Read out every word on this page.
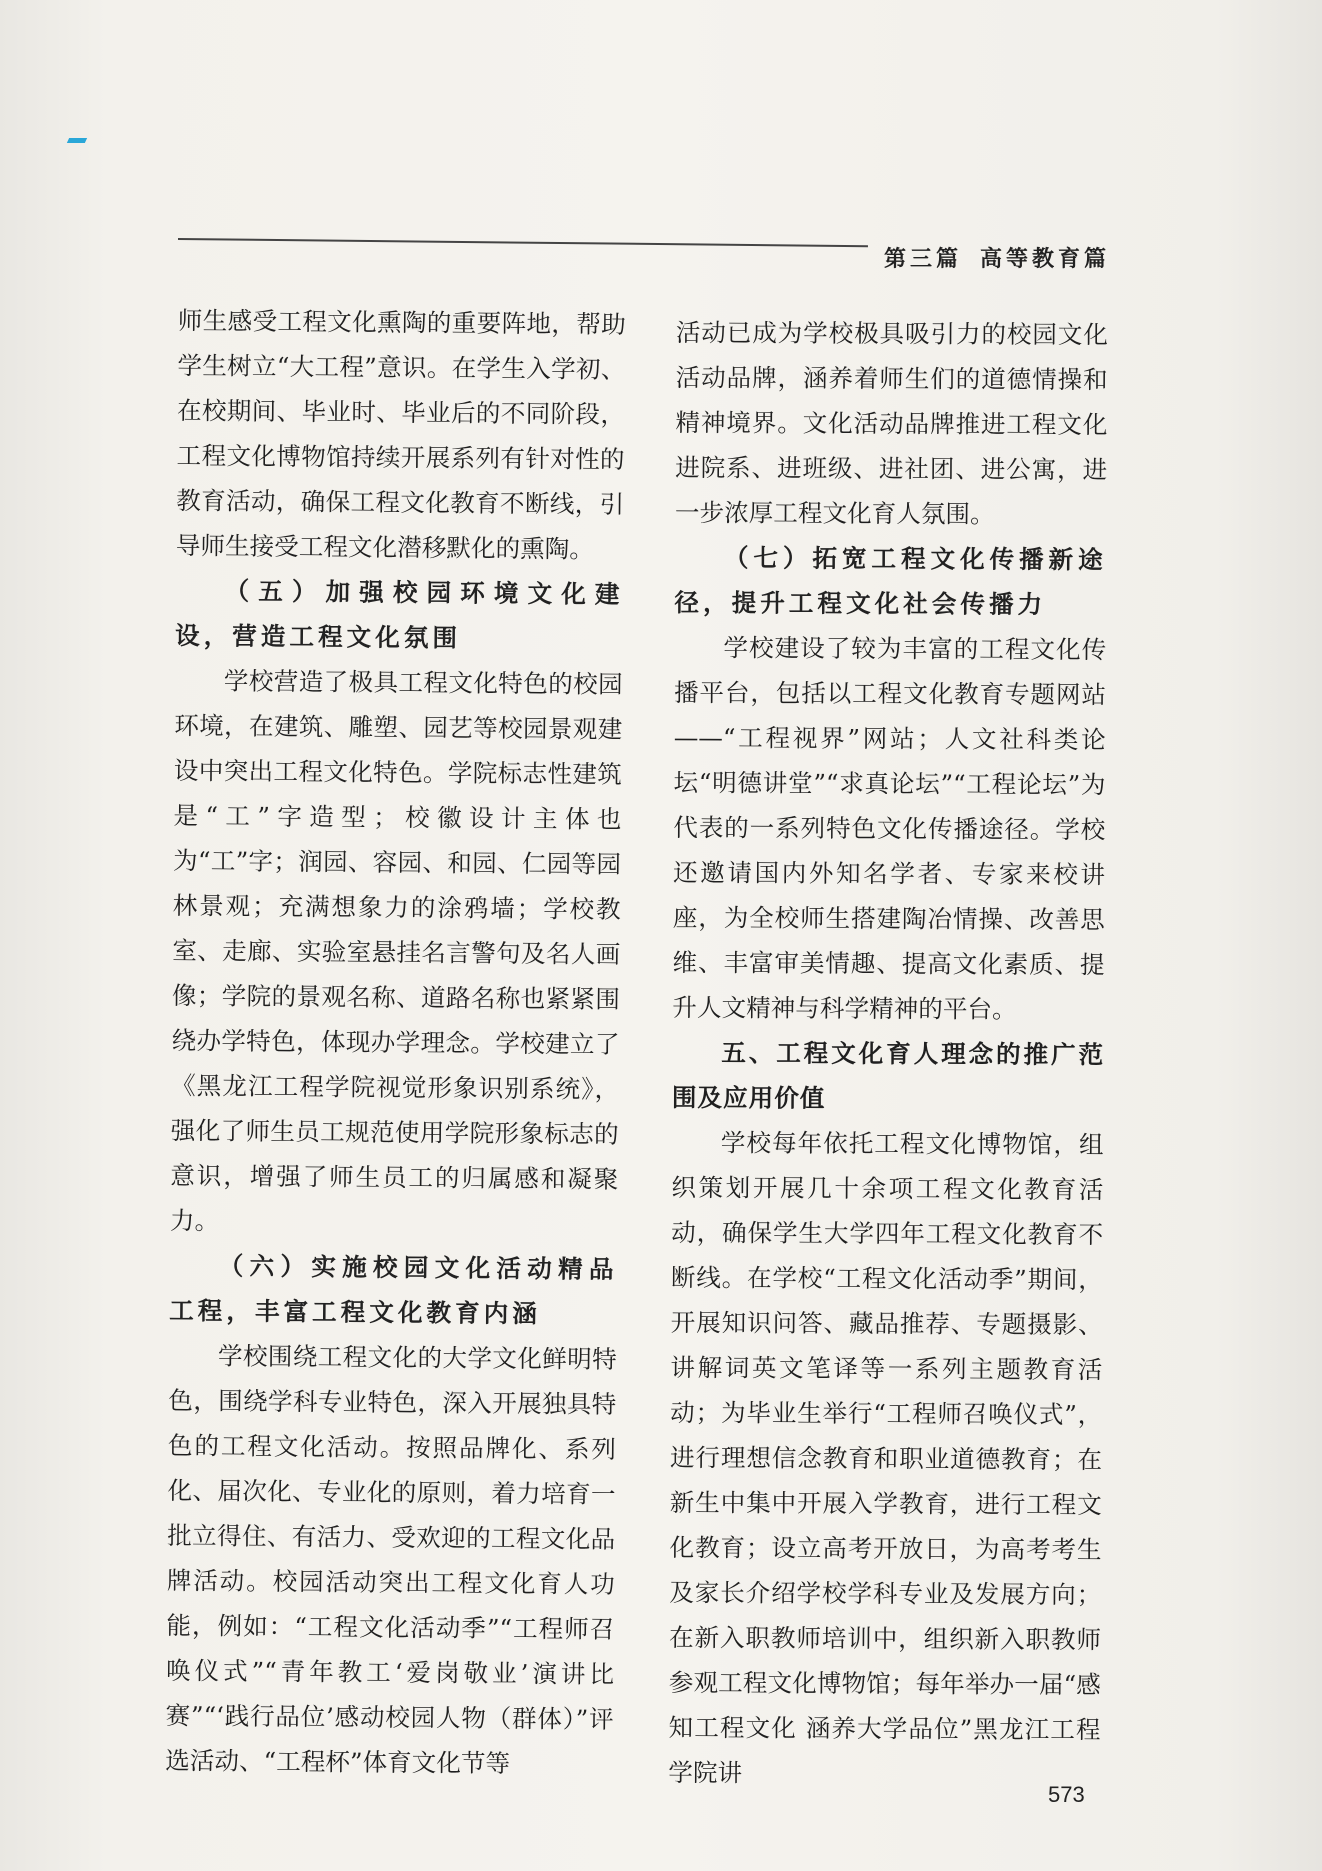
第三篇 高等教育篇

师生感受工程文化熏陶的重要阵地，帮助学生树立“大工程”意识。在学生入学初、在校期间、毕业时、毕业后的不同阶段，工程文化博物馆持续开展系列有针对性的教育活动，确保工程文化教育不断线，引导师生接受工程文化潜移默化的熏陶。

（五）加强校园环境文化建设，营造工程文化氛围

学校营造了极具工程文化特色的校园环境，在建筑、雕塑、园艺等校园景观建设中突出工程文化特色。学院标志性建筑是“工”字造型；校徽设计主体也为“工”字；润园、容园、和园、仁园等园林景观；充满想象力的涂鸦墙；学校教室、走廊、实验室悬挂名言警句及名人画像；学院的景观名称、道路名称也紧紧围绕办学特色，体现办学理念。学校建立了《黑龙江工程学院视觉形象识别系统》，强化了师生员工规范使用学院形象标志的意识，增强了师生员工的归属感和凝聚力。

（六）实施校园文化活动精品工程，丰富工程文化教育内涵

学校围绕工程文化的大学文化鲜明特色，围绕学科专业特色，深入开展独具特色的工程文化活动。按照品牌化、系列化、届次化、专业化的原则，着力培育一批立得住、有活力、受欢迎的工程文化品牌活动。校园活动突出工程文化育人功能，例如：“工程文化活动季”“工程师召唤仪式”“青年教工‘爱岗敬业’演讲比赛”“‘践行品位’感动校园人物（群体）”评选活动、“工程杯”体育文化节等

活动已成为学校极具吸引力的校园文化活动品牌，涵养着师生们的道德情操和精神境界。文化活动品牌推进工程文化进院系、进班级、进社团、进公寓，进一步浓厚工程文化育人氛围。

（七）拓宽工程文化传播新途径，提升工程文化社会传播力

学校建设了较为丰富的工程文化传播平台，包括以工程文化教育专题网站——“工程视界”网站；人文社科类论坛“明德讲堂”“求真论坛”“工程论坛”为代表的一系列特色文化传播途径。学校还邀请国内外知名学者、专家来校讲座，为全校师生搭建陶冶情操、改善思维、丰富审美情趣、提高文化素质、提升人文精神与科学精神的平台。

五、工程文化育人理念的推广范围及应用价值

学校每年依托工程文化博物馆，组织策划开展几十余项工程文化教育活动，确保学生大学四年工程文化教育不断线。在学校“工程文化活动季”期间，开展知识问答、藏品推荐、专题摄影、讲解词英文笔译等一系列主题教育活动；为毕业生举行“工程师召唤仪式”，进行理想信念教育和职业道德教育；在新生中集中开展入学教育，进行工程文化教育；设立高考开放日，为高考考生及家长介绍学校学科专业及发展方向；在新入职教师培训中，组织新入职教师参观工程文化博物馆；每年举办一届“感知工程文化 涵养大学品位”黑龙江工程学院讲

573
